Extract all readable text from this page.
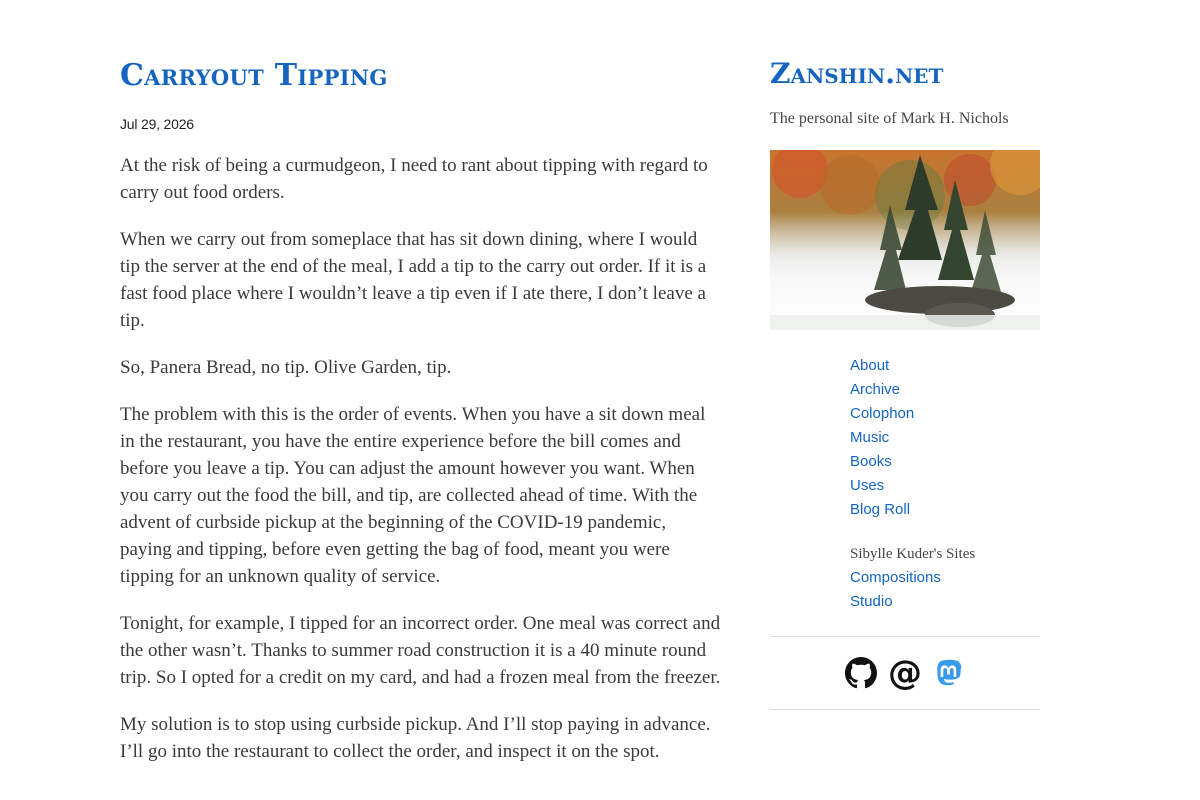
Carryout Tipping
Jul 29, 2026

At the risk of being a curmudgeon, I need to rant about tipping with regard to carry out food orders.

When we carry out from someplace that has sit down dining, where I would tip the server at the end of the meal, I add a tip to the carry out order. If it is a fast food place where I wouldn’t leave a tip even if I ate there, I don’t leave a tip.

So, Panera Bread, no tip. Olive Garden, tip.

The problem with this is the order of events. When you have a sit down meal in the restaurant, you have the entire experience before the bill comes and before you leave a tip. You can adjust the amount however you want. When you carry out the food the bill, and tip, are collected ahead of time. With the advent of curbside pickup at the beginning of the COVID-19 pandemic, paying and tipping, before even getting the bag of food, meant you were tipping for an unknown quality of service.

Tonight, for example, I tipped for an incorrect order. One meal was correct and the other wasn’t. Thanks to summer road construction it is a 40 minute round trip. So I opted for a credit on my card, and had a frozen meal from the freezer.

My solution is to stop using curbside pickup. And I’ll stop paying in advance. I’ll go into the restaurant to collect the order, and inspect it on the spot.

Zanshin.net
The personal site of Mark H. Nichols
About
Archive
Colophon
Music
Books
Uses
Blog Roll
Sibylle Kuder's Sites
Compositions
Studio
@
